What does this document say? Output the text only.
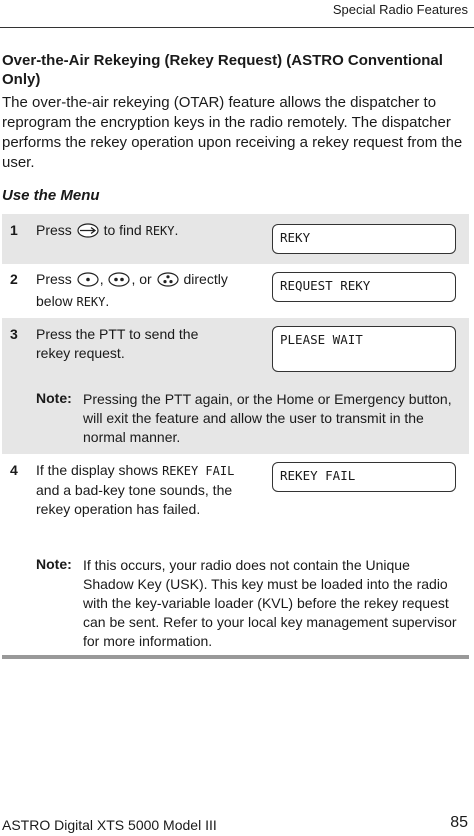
Special Radio Features
Over-the-Air Rekeying (Rekey Request) (ASTRO Conventional Only)
The over-the-air rekeying (OTAR) feature allows the dispatcher to reprogram the encryption keys in the radio remotely. The dispatcher performs the rekey operation upon receiving a rekey request from the user.
Use the Menu
1 Press to find REKY.	REKY
2 Press , , or directly below REKY.
REQUEST REKY
3 Press the PTT to send the rekey request.
PLEASE WAIT
Note: Pressing the PTT again, or the Home or Emergency button, will exit the feature and allow the user to transmit in the normal manner.
4 If the display shows REKEY FAIL and a bad-key tone sounds, the rekey operation has failed.
REKEY FAIL
Note: If this occurs, your radio does not contain the Unique Shadow Key (USK). This key must be loaded into the radio with the key-variable loader (KVL) before the rekey request can be sent. Refer to your local key management supervisor for more information.
ASTRO Digital XTS 5000 Model III	85
